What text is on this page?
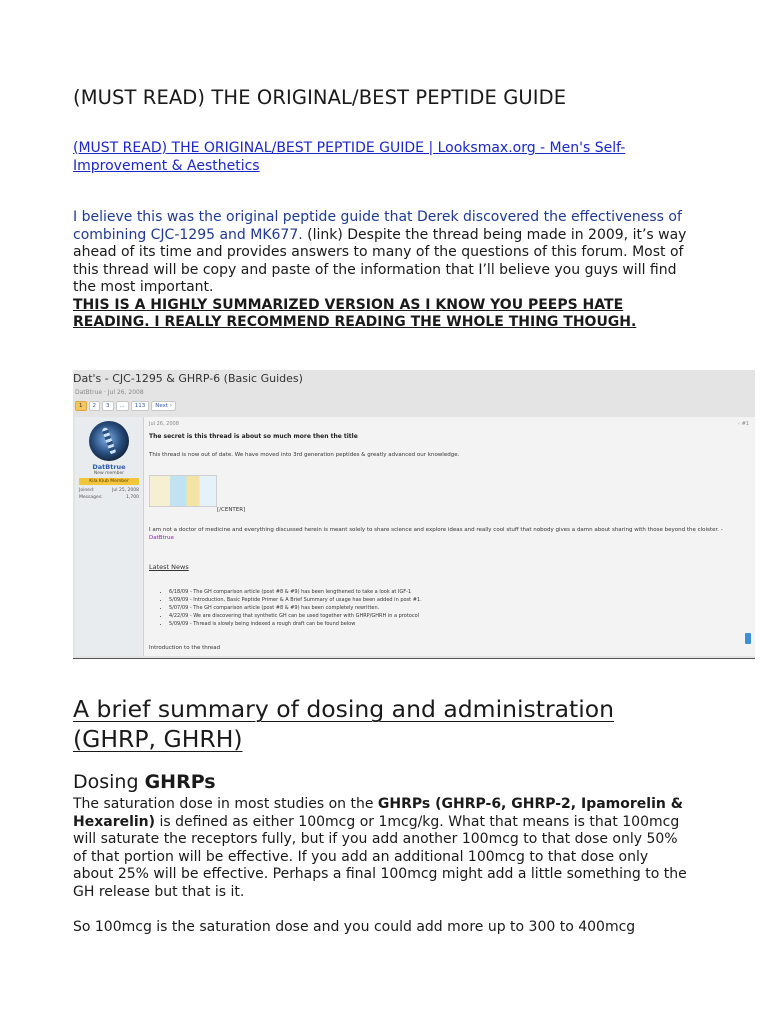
(MUST READ) THE ORIGINAL/BEST PEPTIDE GUIDE
(MUST READ) THE ORIGINAL/BEST PEPTIDE GUIDE | Looksmax.org - Men's Self-Improvement & Aesthetics

I believe this was the original peptide guide that Derek discovered the effectiveness of combining CJC-1295 and MK677. (link) Despite the thread being made in 2009, it’s way ahead of its time and provides answers to many of the questions of this forum. Most of this thread will be copy and paste of the information that I’ll believe you guys will find the most important.
THIS IS A HIGHLY SUMMARIZED VERSION AS I KNOW YOU PEEPS HATE READING. I REALLY RECOMMEND READING THE WHOLE THING THOUGH.

Dat's - CJC-1295 & GHRP-6 (Basic Guides)
DatBtrue · Jul 26, 2008
1	2	3	...	113	Next ›
DatBtrue
New member
Kila Klub Member
Joined:	Jul 25, 2008
Messages:	1,700
Jul 26, 2008	‹ #1
The secret is this thread is about so much more then the title
This thread is now out of date. We have moved into 3rd generation peptides & greatly advanced our knowledge.
[/CENTER]
I am not a doctor of medicine and everything discussed herein is meant solely to share science and explore ideas and really cool stuff that nobody gives a damn about sharing with those beyond the cloister. - DatBtrue
Latest News
• 6/18/09 - The GH comparison article (post #8 & #9) has been lengthened to take a look at IGF-1
• 5/09/09 - Introduction, Basic Peptide Primer & A Brief Summary of usage has been added in post #1.
• 5/07/09 - The GH comparison article (post #8 & #9) has been completely rewritten.
• 4/22/09 - We are discovering that synthetic GH can be used together with GHRP/GHRH in a protocol
• 5/09/09 - Thread is slowly being indexed a rough draft can be found below
Introduction to the thread
A brief summary of dosing and administration (GHRP, GHRH)
Dosing GHRPs

The saturation dose in most studies on the GHRPs (GHRP-6, GHRP-2, Ipamorelin & Hexarelin) is defined as either 100mcg or 1mcg/kg. What that means is that 100mcg will saturate the receptors fully, but if you add another 100mcg to that dose only 50% of that portion will be effective. If you add an additional 100mcg to that dose only about 25% will be effective. Perhaps a final 100mcg might add a little something to the GH release but that is it.

So 100mcg is the saturation dose and you could add more up to 300 to 400mcg
